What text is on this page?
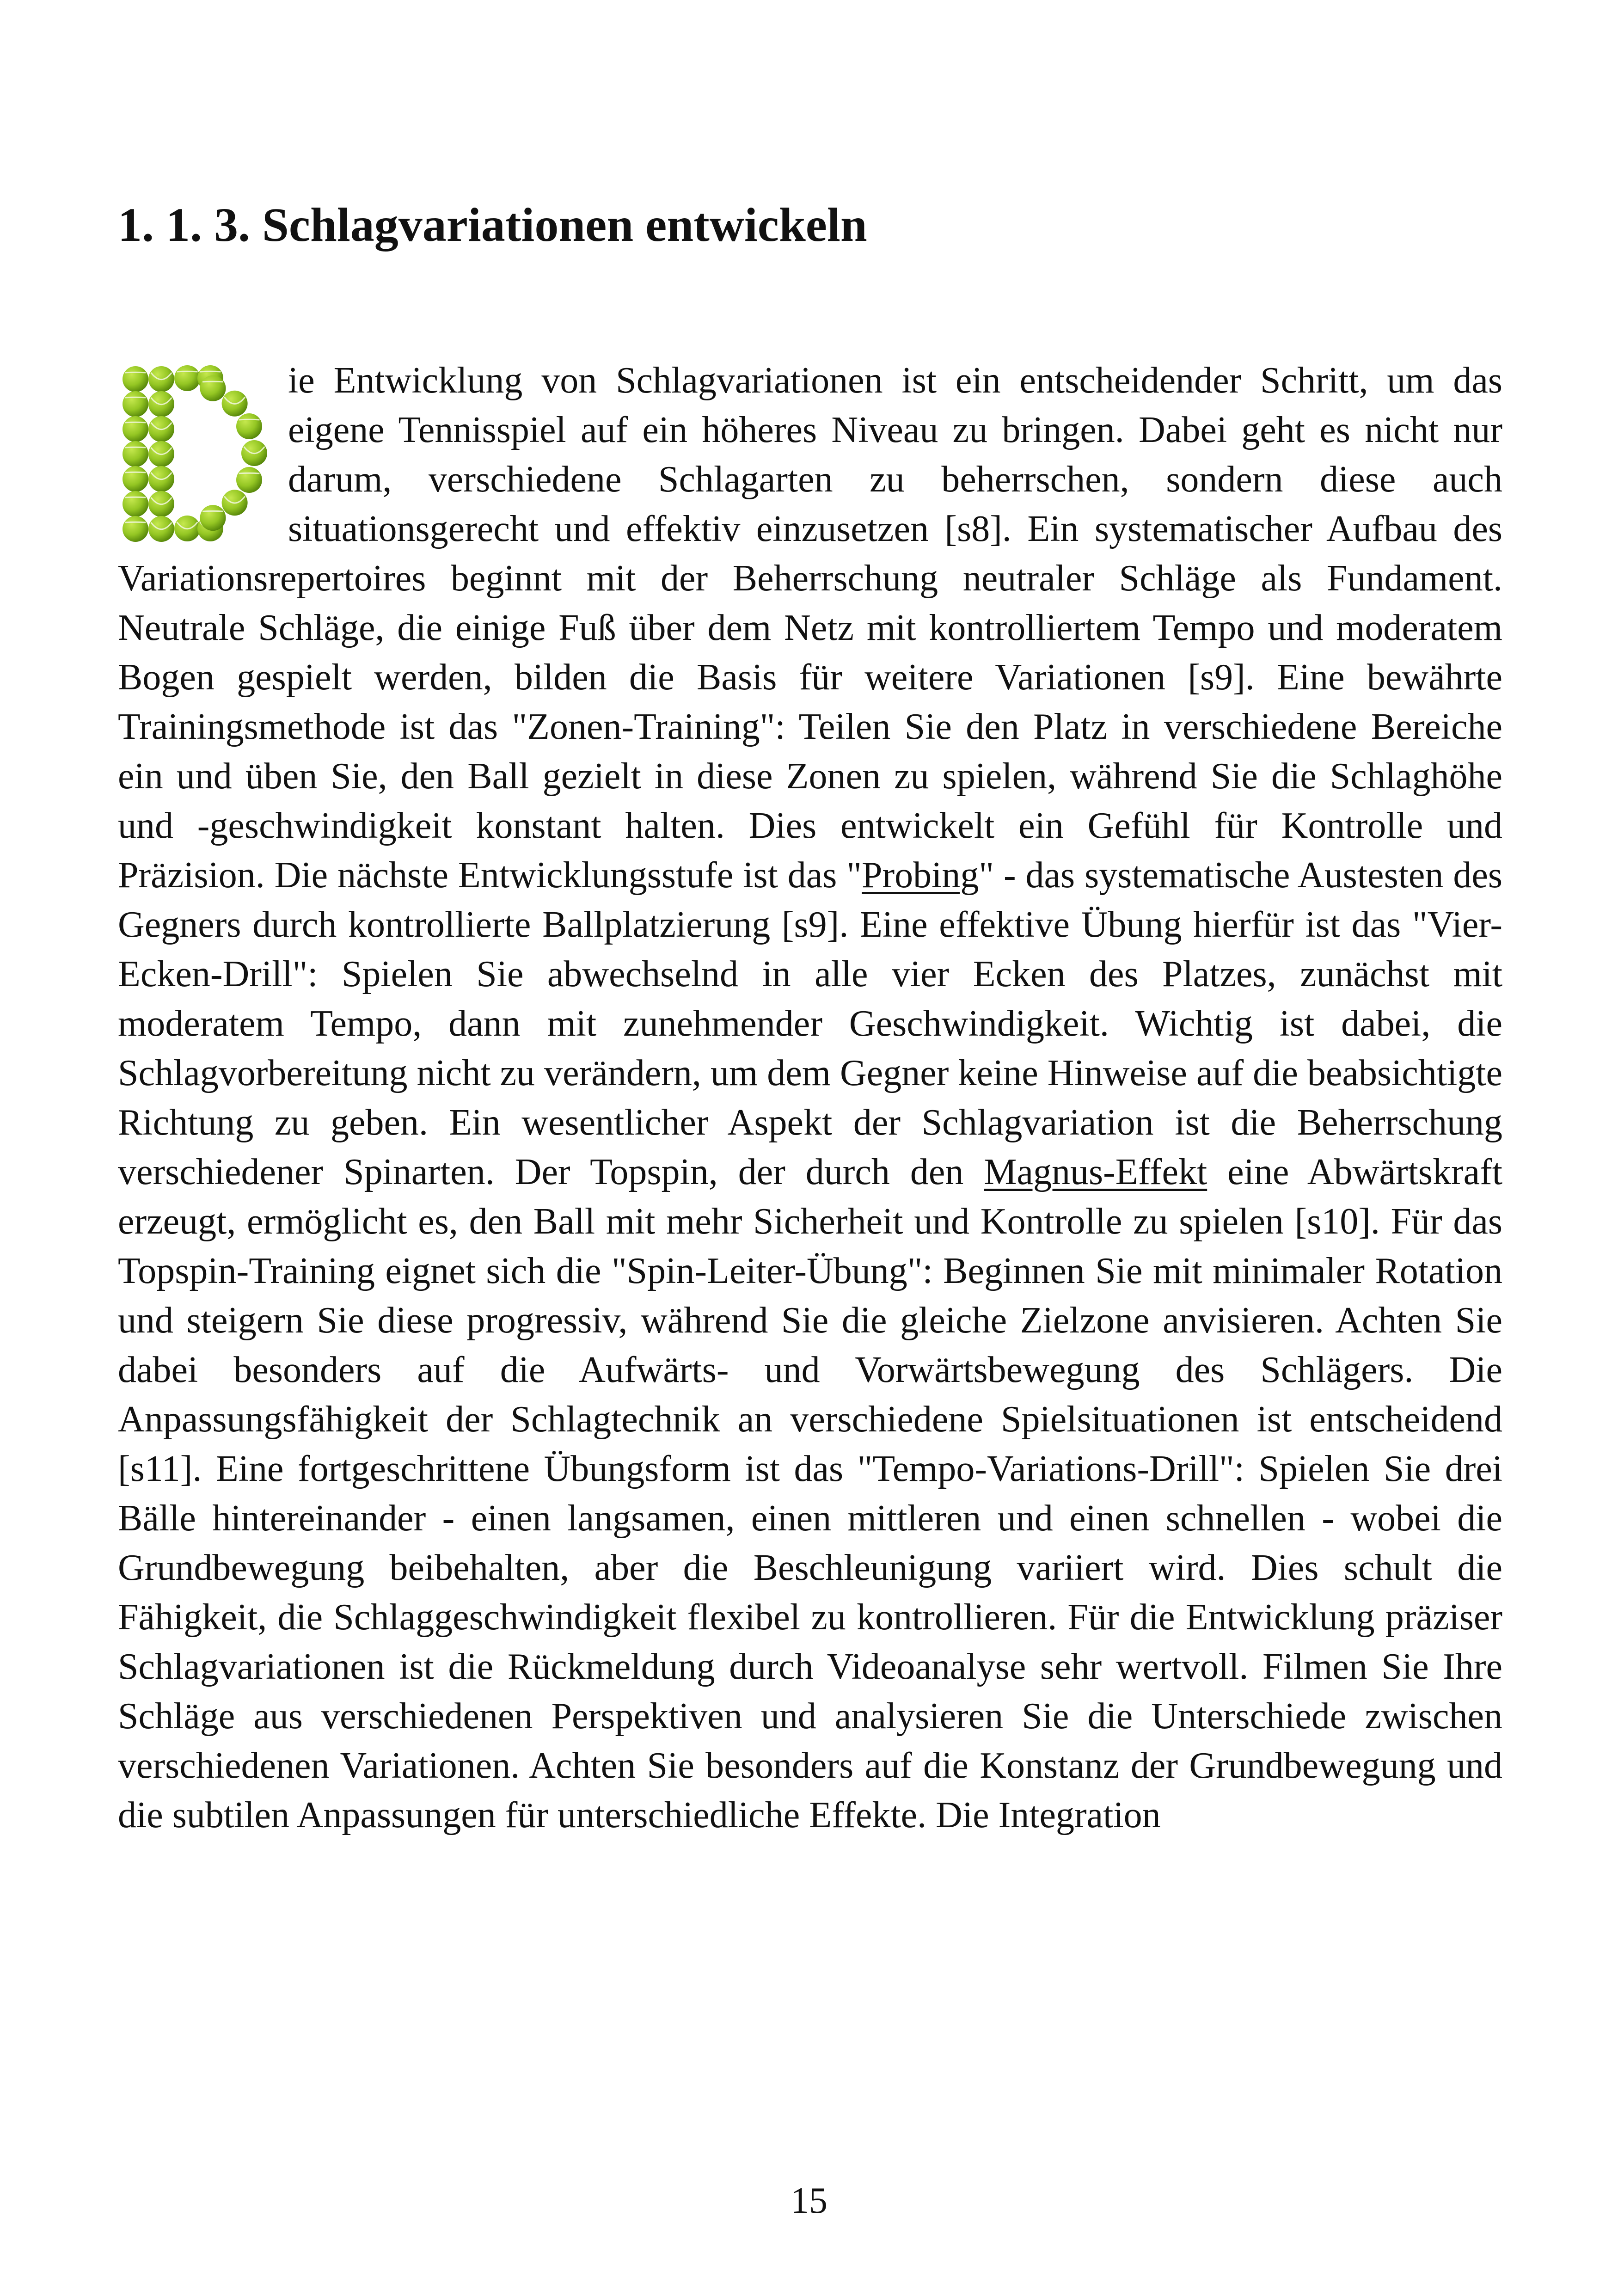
1. 1. 3. Schlagvariationen entwickeln

ie Entwicklung von Schlagvariationen ist ein entscheidender Schritt, um das eigene Tennisspiel auf ein höheres Niveau zu bringen. Dabei geht es nicht nur darum, verschiedene Schlagarten zu beherrschen, sondern diese auch situationsgerecht und effektiv einzusetzen [s8]. Ein systematischer Aufbau des Variationsrepertoires beginnt mit der Beherrschung neutraler Schläge als Fundament. Neutrale Schläge, die einige Fuß über dem Netz mit kontrolliertem Tempo und moderatem Bogen gespielt werden, bilden die Basis für weitere Variationen [s9]. Eine bewährte Trainingsmethode ist das "Zonen-Training": Teilen Sie den Platz in verschiedene Bereiche ein und üben Sie, den Ball gezielt in diese Zonen zu spielen, während Sie die Schlaghöhe und -geschwindigkeit konstant halten. Dies entwickelt ein Gefühl für Kontrolle und Präzision. Die nächste Entwicklungsstufe ist das "Probing" - das systematische Austesten des Gegners durch kontrollierte Ballplatzierung [s9]. Eine effektive Übung hierfür ist das "Vier-Ecken-Drill": Spielen Sie abwechselnd in alle vier Ecken des Platzes, zunächst mit moderatem Tempo, dann mit zunehmender Geschwindigkeit. Wichtig ist dabei, die Schlagvorbereitung nicht zu verändern, um dem Gegner keine Hinweise auf die beabsichtigte Richtung zu geben. Ein wesentlicher Aspekt der Schlagvariation ist die Beherrschung verschiedener Spinarten. Der Topspin, der durch den Magnus-Effekt eine Abwärtskraft erzeugt, ermöglicht es, den Ball mit mehr Sicherheit und Kontrolle zu spielen [s10]. Für das Topspin-Training eignet sich die "Spin-Leiter-Übung": Beginnen Sie mit minimaler Rotation und steigern Sie diese progressiv, während Sie die gleiche Zielzone anvisieren. Achten Sie dabei besonders auf die Aufwärts- und Vorwärtsbewegung des Schlägers. Die Anpassungsfähigkeit der Schlagtechnik an verschiedene Spielsituationen ist entscheidend [s11]. Eine fortgeschrittene Übungsform ist das "Tempo-Variations-Drill": Spielen Sie drei Bälle hintereinander - einen langsamen, einen mittleren und einen schnellen - wobei die Grundbewegung beibehalten, aber die Beschleunigung variiert wird. Dies schult die Fähigkeit, die Schlaggeschwindigkeit flexibel zu kontrollieren. Für die Entwicklung präziser Schlagvariationen ist die Rückmeldung durch Videoanalyse sehr wertvoll. Filmen Sie Ihre Schläge aus verschiedenen Perspektiven und analysieren Sie die Unterschiede zwischen verschiedenen Variationen. Achten Sie besonders auf die Konstanz der Grundbewegung und die subtilen Anpassungen für unterschiedliche Effekte. Die Integration

15
